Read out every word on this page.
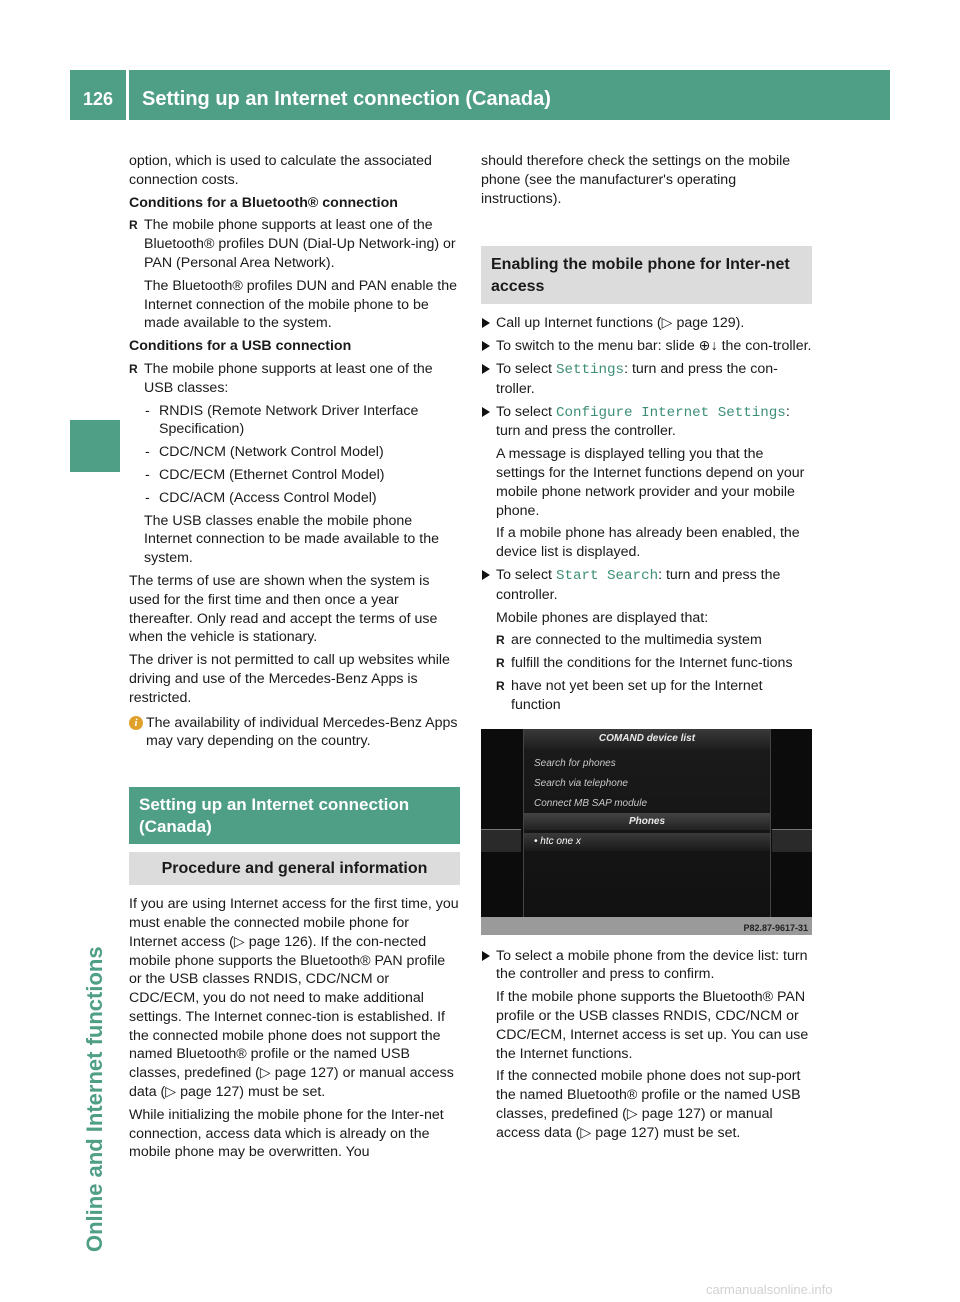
126	Setting up an Internet connection (Canada)
Online and Internet functions

option, which is used to calculate the associated connection costs.

Conditions for a Bluetooth® connection

R The mobile phone supports at least one of the Bluetooth® profiles DUN (Dial-Up Network-ing) or PAN (Personal Area Network).

The Bluetooth® profiles DUN and PAN enable the Internet connection of the mobile phone to be made available to the system.

Conditions for a USB connection

R The mobile phone supports at least one of the USB classes:
- RNDIS (Remote Network Driver Interface Specification)
- CDC/NCM (Network Control Model)
- CDC/ECM (Ethernet Control Model)
- CDC/ACM (Access Control Model)

The USB classes enable the mobile phone Internet connection to be made available to the system.

The terms of use are shown when the system is used for the first time and then once a year thereafter. Only read and accept the terms of use when the vehicle is stationary.

The driver is not permitted to call up websites while driving and use of the Mercedes-Benz Apps is restricted.

i The availability of individual Mercedes-Benz Apps may vary depending on the country.
Setting up an Internet connection (Canada)
Procedure and general information

If you are using Internet access for the first time, you must enable the connected mobile phone for Internet access (▷ page 126). If the con-nected mobile phone supports the Bluetooth® PAN profile or the USB classes RNDIS, CDC/NCM or CDC/ECM, you do not need to make additional settings. The Internet connec-tion is established. If the connected mobile phone does not support the named Bluetooth® profile or the named USB classes, predefined (▷ page 127) or manual access data (▷ page 127) must be set.

While initializing the mobile phone for the Inter-net connection, access data which is already on the mobile phone may be overwritten. You

should therefore check the settings on the mobile phone (see the manufacturer's operating instructions).

Enabling the mobile phone for Inter-net access
Call up Internet functions (▷ page 129).
To switch to the menu bar: slide ⊕↓ the con-troller.
To select Settings: turn and press the con-troller.
To select Configure Internet Settings: turn and press the controller.

A message is displayed telling you that the settings for the Internet functions depend on your mobile phone network provider and your mobile phone.

If a mobile phone has already been enabled, the device list is displayed.

To select Start Search: turn and press the controller.

Mobile phones are displayed that:

R are connected to the multimedia system
R fulfill the conditions for the Internet func-tions
R have not yet been set up for the Internet function
COMAND device list
Search for phones
Search via telephone
Connect MB SAP module
Phones
• htc one x
P82.87-9617-31
To select a mobile phone from the device list: turn the controller and press to confirm.

If the mobile phone supports the Bluetooth® PAN profile or the USB classes RNDIS, CDC/NCM or CDC/ECM, Internet access is set up. You can use the Internet functions.

If the connected mobile phone does not sup-port the named Bluetooth® profile or the named USB classes, predefined (▷ page 127) or manual access data (▷ page 127) must be set.

carmanualsonline.info
